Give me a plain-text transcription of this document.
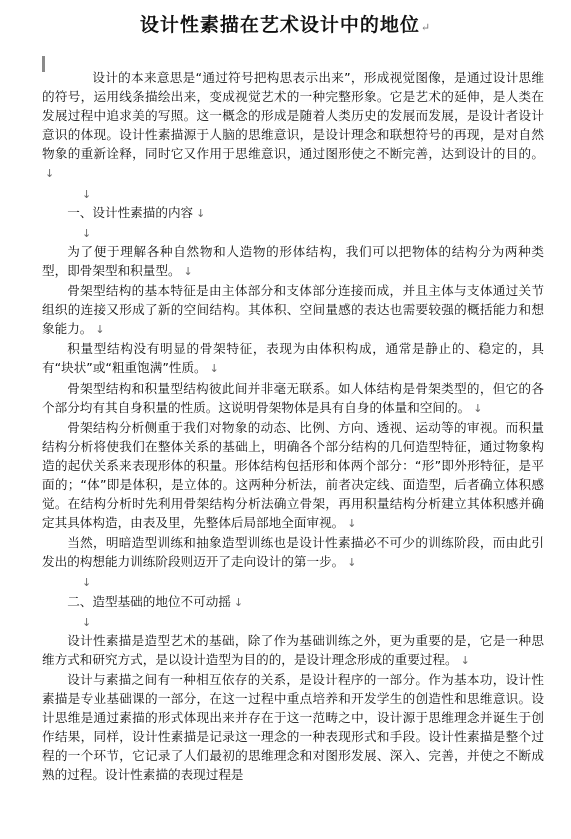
设计性素描在艺术设计中的地位↵

设计的本来意思是“通过符号把构思表示出来”，形成视觉图像，是通过设计思维的符号，运用线条描绘出来，变成视觉艺术的一种完整形象。它是艺术的延伸，是人类在发展过程中追求美的写照。这一概念的形成是随着人类历史的发展而发展，是设计者设计意识的体现。设计性素描源于人脑的思维意识，是设计理念和联想符号的再现，是对自然物象的重新诠释，同时它又作用于思维意识，通过图形使之不断完善，达到设计的目的。↓

↓

一、设计性素描的内容 ↓

↓

为了便于理解各种自然物和人造物的形体结构，我们可以把物体的结构分为两种类型，即骨架型和积量型。 ↓

骨架型结构的基本特征是由主体部分和支体部分连接而成，并且主体与支体通过关节组织的连接又形成了新的空间结构。其体积、空间量感的表达也需要较强的概括能力和想象能力。 ↓

积量型结构没有明显的骨架特征，表现为由体积构成，通常是静止的、稳定的，具有“块状”或“粗重饱满”性质。 ↓

骨架型结构和积量型结构彼此间并非毫无联系。如人体结构是骨架类型的，但它的各个部分均有其自身积量的性质。这说明骨架物体是具有自身的体量和空间的。 ↓

骨架结构分析侧重于我们对物象的动态、比例、方向、透视、运动等的审视。而积量结构分析将使我们在整体关系的基础上，明确各个部分结构的几何造型特征，通过物象构造的起伏关系来表现形体的积量。形体结构包括形和体两个部分：“形”即外形特征，是平面的；“体”即是体积，是立体的。这两种分析法，前者决定线、面造型，后者确立体积感觉。在结构分析时先利用骨架结构分析法确立骨架，再用积量结构分析建立其体积感并确定其具体构造，由表及里，先整体后局部地全面审视。 ↓

当然，明暗造型训练和抽象造型训练也是设计性素描必不可少的训练阶段，而由此引发出的构想能力训练阶段则迈开了走向设计的第一步。 ↓

↓

二、造型基础的地位不可动摇 ↓

↓

设计性素描是造型艺术的基础，除了作为基础训练之外，更为重要的是，它是一种思维方式和研究方式，是以设计造型为目的的，是设计理念形成的重要过程。 ↓

设计与素描之间有一种相互依存的关系，是设计程序的一部分。作为基本功，设计性素描是专业基础课的一部分，在这一过程中重点培养和开发学生的创造性和思维意识。设计思维是通过素描的形式体现出来并存在于这一范畴之中，设计源于思维理念并诞生于创作结果，同样，设计性素描是记录这一理念的一种表现形式和手段。设计性素描是整个过程的一个环节，它记录了人们最初的思维理念和对图形发展、深入、完善，并使之不断成熟的过程。设计性素描的表现过程是
